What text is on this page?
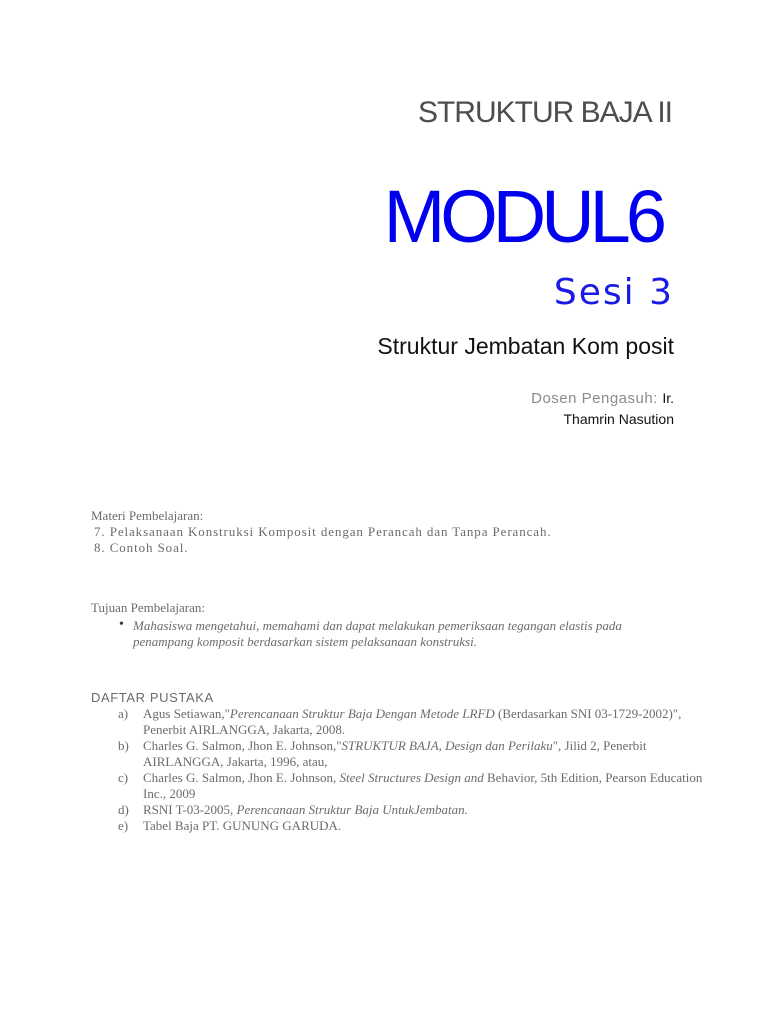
STRUKTUR BAJA II
MODUL6
Sesi 3
Struktur Jembatan Kom posit
Dosen Pengasuh: Ir.
Thamrin Nasution
Materi Pembelajaran:
7. Pelaksanaan Konstruksi Komposit dengan Perancah dan Tanpa Perancah.
8. Contoh Soal.
Tujuan Pembelajaran:
• Mahasiswa mengetahui, memahami dan dapat melakukan pemeriksaan tegangan elastis pada penampang komposit berdasarkan sistem pelaksanaan konstruksi.
DAFTAR PUSTAKA
a) Agus Setiawan,"Perencanaan Struktur Baja Dengan Metode LRFD (Berdasarkan SNI 03-1729-2002)", Penerbit AIRLANGGA, Jakarta, 2008.
b) Charles G. Salmon, Jhon E. Johnson,"STRUKTUR BAJA, Design dan Perilaku", Jilid 2, Penerbit AIRLANGGA, Jakarta, 1996, atau,
c) Charles G. Salmon, Jhon E. Johnson, Steel Structures Design and Behavior, 5th Edition, Pearson Education Inc., 2009
d) RSNI T-03-2005, Perencanaan Struktur Baja UntukJembatan.
e) Tabel Baja PT. GUNUNG GARUDA.
